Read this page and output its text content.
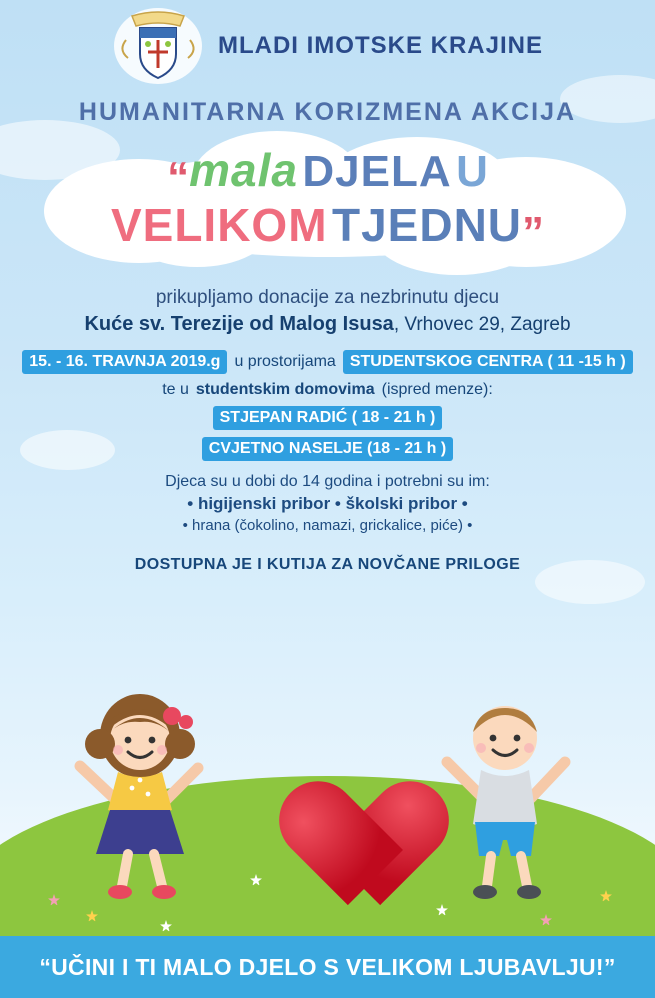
MLADI IMOTSKE KRAJINE
HUMANITARNA KORIZMENA AKCIJA
“mala DJELA U
VELIKOM TJEDNU”
prikupljamo donacije za nezbrinutu djecu
Kuće sv. Terezije od Malog Isusa, Vrhovec 29, Zagreb
15. - 16. TRAVNJA 2019.g u prostorijama STUDENTSKOG CENTRA ( 11 -15 h )
te u studentskim domovima (ispred menze):
STJEPAN RADIĆ ( 18 - 21 h )
CVJETNO NASELJE (18 - 21 h )
Djeca su u dobi do 14 godina i potrebni su im:
• higijenski pribor • školski pribor •
• hrana (čokolino, namazi, grickalice, piće) •
DOSTUPNA JE I KUTIJA ZA NOVČANE PRILOGE
“UČINI I TI MALO DJELO S VELIKOM LJUBAVLJU!”
